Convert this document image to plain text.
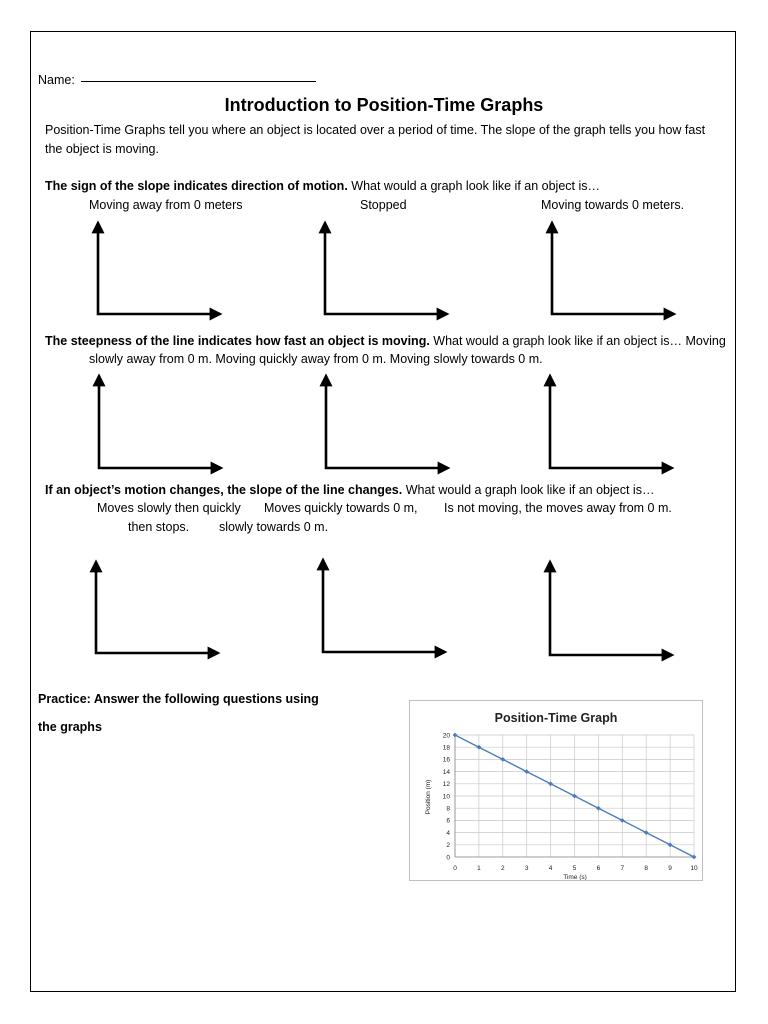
Name:
Introduction to Position-Time Graphs
Position-Time Graphs tell you where an object is located over a period of time. The slope of the graph tells you how fast
the object is moving.
The sign of the slope indicates direction of motion. What would a graph look like if an object is…
Moving away from 0 meters	Stopped	Moving towards 0 meters.
The steepness of the line indicates how fast an object is moving. What would a graph look like if an object is… Moving
slowly away from 0 m. Moving quickly away from 0 m. Moving slowly towards 0 m.
If an object’s motion changes, the slope of the line changes. What would a graph look like if an object is…
Moves slowly then quickly Moves quickly towards 0 m, Is not moving, the moves away from 0 m.
then stops. slowly towards 0 m.
Practice: Answer the following questions using
the graphs
Position-Time Graph
0
2
4
6
8
10
12
14
16
18
20
0	1	2	3	4	5	6	7	8	9	10
Time (s)
Position (m)
